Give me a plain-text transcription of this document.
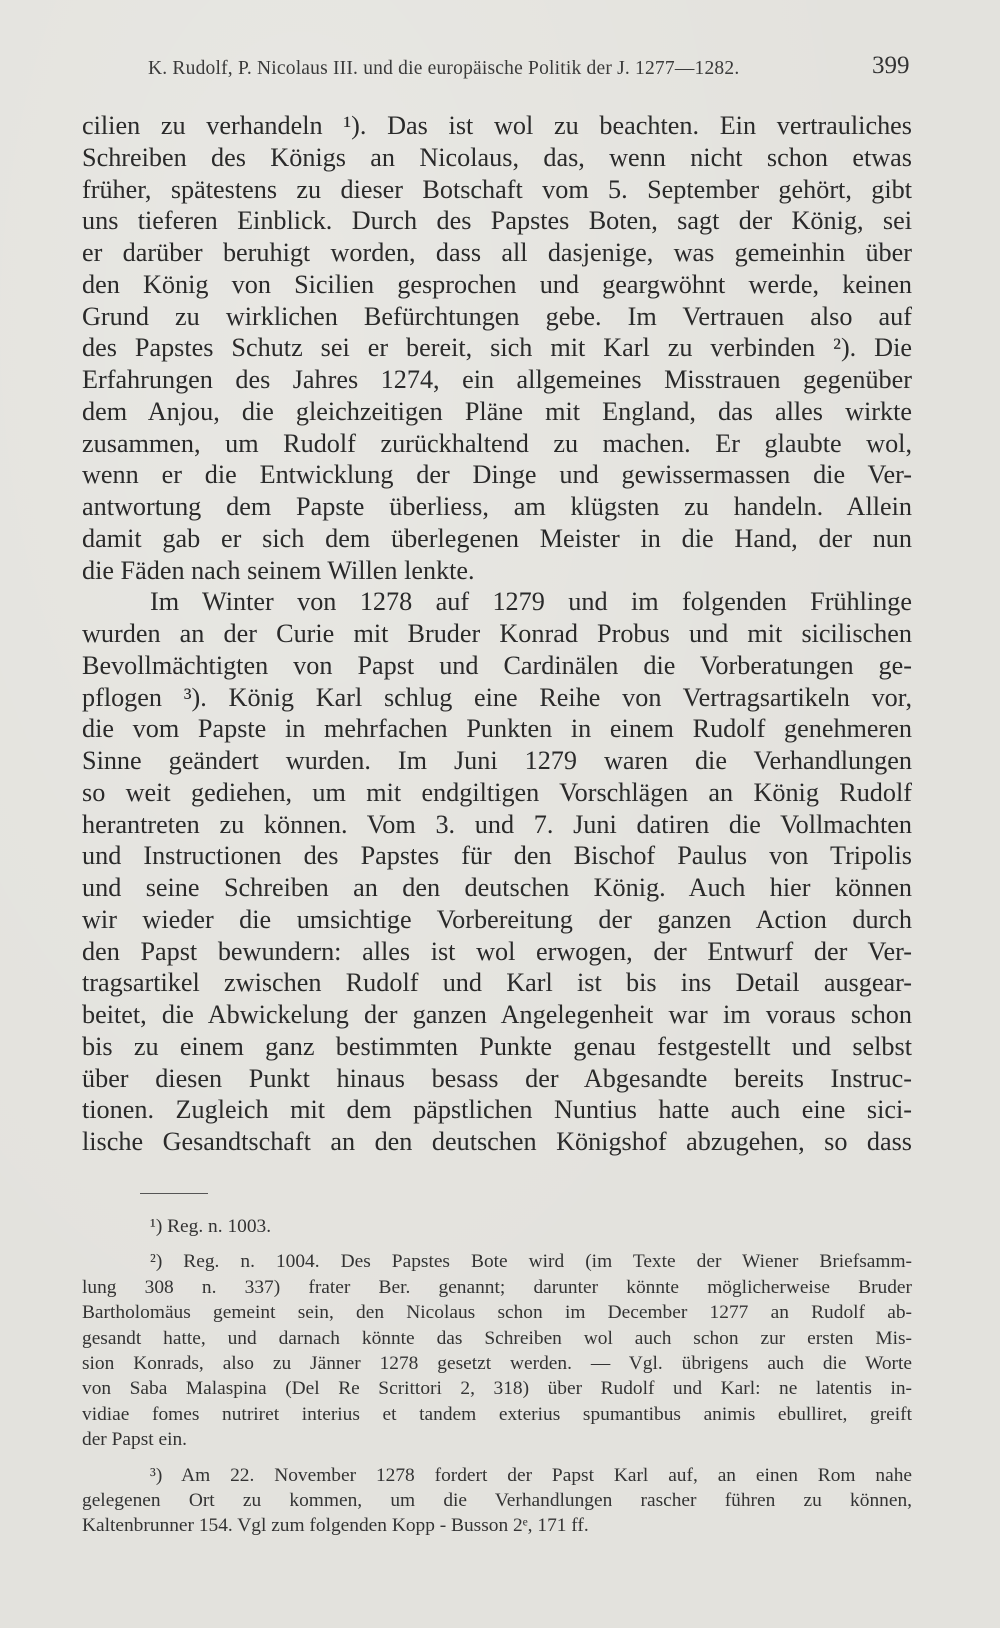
K. Rudolf, P. Nicolaus III. und die europäische Politik der J. 1277—1282.	399
cilien zu verhandeln ¹). Das ist wol zu beachten. Ein vertrauliches
Schreiben des Königs an Nicolaus, das, wenn nicht schon etwas
früher, spätestens zu dieser Botschaft vom 5. September gehört, gibt
uns tieferen Einblick. Durch des Papstes Boten, sagt der König, sei
er darüber beruhigt worden, dass all dasjenige, was gemeinhin über
den König von Sicilien gesprochen und geargwöhnt werde, keinen
Grund zu wirklichen Befürchtungen gebe. Im Vertrauen also auf
des Papstes Schutz sei er bereit, sich mit Karl zu verbinden ²). Die
Erfahrungen des Jahres 1274, ein allgemeines Misstrauen gegenüber
dem Anjou, die gleichzeitigen Pläne mit England, das alles wirkte
zusammen, um Rudolf zurückhaltend zu machen. Er glaubte wol,
wenn er die Entwicklung der Dinge und gewissermassen die Ver-
antwortung dem Papste überliess, am klügsten zu handeln. Allein
damit gab er sich dem überlegenen Meister in die Hand, der nun
die Fäden nach seinem Willen lenkte.
Im Winter von 1278 auf 1279 und im folgenden Frühlinge
wurden an der Curie mit Bruder Konrad Probus und mit sicilischen
Bevollmächtigten von Papst und Cardinälen die Vorberatungen ge-
pflogen ³). König Karl schlug eine Reihe von Vertragsartikeln vor,
die vom Papste in mehrfachen Punkten in einem Rudolf genehmeren
Sinne geändert wurden. Im Juni 1279 waren die Verhandlungen
so weit gediehen, um mit endgiltigen Vorschlägen an König Rudolf
herantreten zu können. Vom 3. und 7. Juni datiren die Vollmachten
und Instructionen des Papstes für den Bischof Paulus von Tripolis
und seine Schreiben an den deutschen König. Auch hier können
wir wieder die umsichtige Vorbereitung der ganzen Action durch
den Papst bewundern: alles ist wol erwogen, der Entwurf der Ver-
tragsartikel zwischen Rudolf und Karl ist bis ins Detail ausgear-
beitet, die Abwickelung der ganzen Angelegenheit war im voraus schon
bis zu einem ganz bestimmten Punkte genau festgestellt und selbst
über diesen Punkt hinaus besass der Abgesandte bereits Instruc-
tionen. Zugleich mit dem päpstlichen Nuntius hatte auch eine sici-
lische Gesandtschaft an den deutschen Königshof abzugehen, so dass
¹) Reg. n. 1003.
²) Reg. n. 1004. Des Papstes Bote wird (im Texte der Wiener Briefsamm-
lung 308 n. 337) frater Ber. genannt; darunter könnte möglicherweise Bruder
Bartholomäus gemeint sein, den Nicolaus schon im December 1277 an Rudolf ab-
gesandt hatte, und darnach könnte das Schreiben wol auch schon zur ersten Mis-
sion Konrads, also zu Jänner 1278 gesetzt werden. — Vgl. übrigens auch die Worte
von Saba Malaspina (Del Re Scrittori 2, 318) über Rudolf und Karl: ne latentis in-
vidiae fomes nutriret interius et tandem exterius spumantibus animis ebulliret, greift
der Papst ein.
³) Am 22. November 1278 fordert der Papst Karl auf, an einen Rom nahe
gelegenen Ort zu kommen, um die Verhandlungen rascher führen zu können,
Kaltenbrunner 154. Vgl zum folgenden Kopp - Busson 2ᵉ, 171 ff.
